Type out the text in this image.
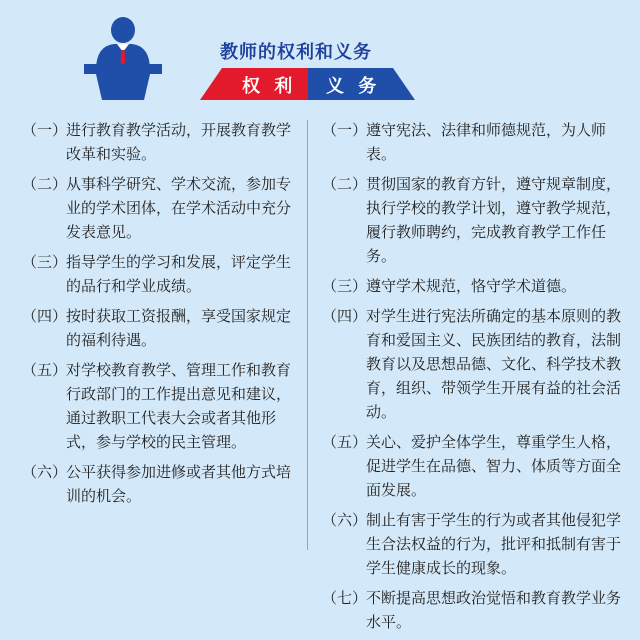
教师的权利和义务
权 利 义 务
（一）
进行教育教学活动，开展教育教学改革和实验。
（二）
从事科学研究、学术交流，参加专业的学术团体，在学术活动中充分发表意见。
（三）
指导学生的学习和发展，评定学生的品行和学业成绩。
（四）
按时获取工资报酬，享受国家规定的福利待遇。
（五）
对学校教育教学、管理工作和教育行政部门的工作提出意见和建议，通过教职工代表大会或者其他形式，参与学校的民主管理。
（六）
公平获得参加进修或者其他方式培训的机会。
（一）
遵守宪法、法律和师德规范，为人师表。
（二）
贯彻国家的教育方针，遵守规章制度，执行学校的教学计划，遵守教学规范，履行教师聘约，完成教育教学工作任务。
（三）
遵守学术规范，恪守学术道德。
（四）
对学生进行宪法所确定的基本原则的教育和爱国主义、民族团结的教育，法制教育以及思想品德、文化、科学技术教育，组织、带领学生开展有益的社会活动。
（五）
关心、爱护全体学生，尊重学生人格，促进学生在品德、智力、体质等方面全面发展。
（六）
制止有害于学生的行为或者其他侵犯学生合法权益的行为，批评和抵制有害于学生健康成长的现象。
（七）
不断提高思想政治觉悟和教育教学业务水平。
